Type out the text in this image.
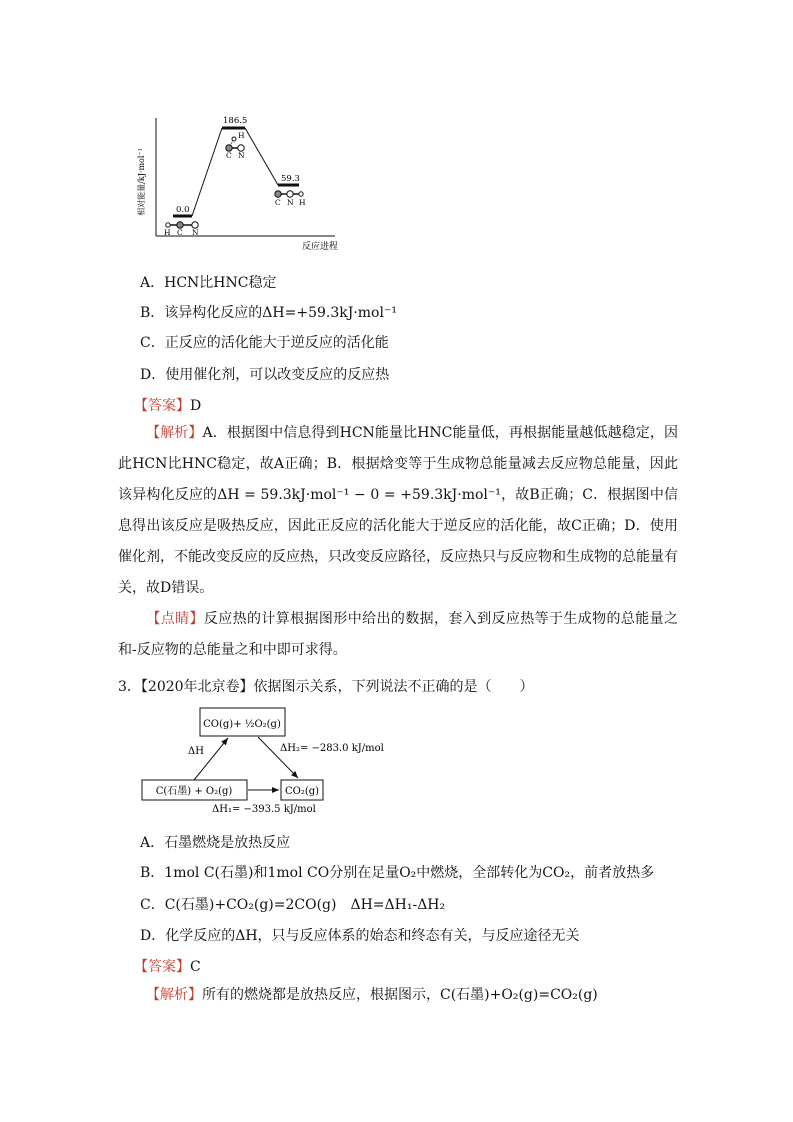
相对能量/kJ·mol⁻¹
反应进程
0.0
186.5
59.3
H C N
H
C N
C N H
A．HCN比HNC稳定
B．该异构化反应的ΔH=+59.3kJ·mol⁻¹
C．正反应的活化能大于逆反应的活化能
D．使用催化剂，可以改变反应的反应热
【答案】D
【解析】A．根据图中信息得到HCN能量比HNC能量低，再根据能量越低越稳定，因此HCN比HNC稳定，故A正确；B．根据焓变等于生成物总能量减去反应物总能量，因此该异构化反应的ΔH = 59.3kJ·mol⁻¹ − 0 = +59.3kJ·mol⁻¹，故B正确；C．根据图中信息得出该反应是吸热反应，因此正反应的活化能大于逆反应的活化能，故C正确；D．使用催化剂，不能改变反应的反应热，只改变反应路径，反应热只与反应物和生成物的总能量有关，故D错误。
【点睛】反应热的计算根据图形中给出的数据，套入到反应热等于生成物的总能量之和-反应物的总能量之和中即可求得。
3．【2020年北京卷】依据图示关系，下列说法不正确的是（　　）
CO(g)+ ½O₂(g)
C(石墨) + O₂(g)	CO₂(g)
ΔH	ΔH₂= −283.0 kJ/mol
ΔH₁= −393.5 kJ/mol
A．石墨燃烧是放热反应
B．1mol C(石墨)和1mol CO分别在足量O₂中燃烧，全部转化为CO₂，前者放热多
C．C(石墨)+CO₂(g)=2CO(g)　ΔH=ΔH₁-ΔH₂
D．化学反应的ΔH，只与反应体系的始态和终态有关，与反应途径无关
【答案】C
【解析】所有的燃烧都是放热反应，根据图示，C(石墨)+O₂(g)=CO₂(g)
